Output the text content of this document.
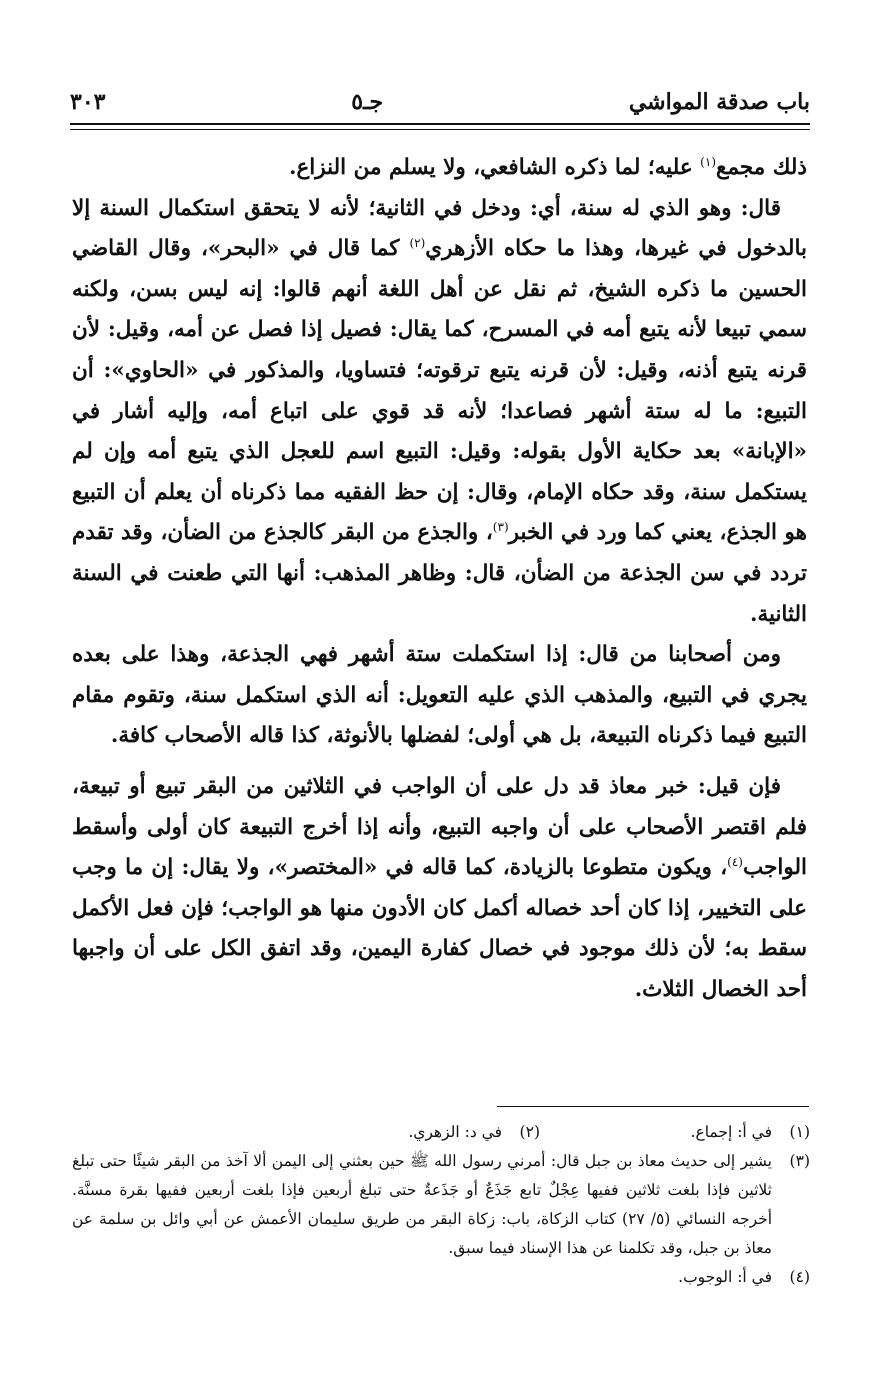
باب صدقة المواشي
جـ٥
٣٠٣

ذلك مجمع$^{(١)}$ عليه؛ لما ذكره الشافعي، ولا يسلم من النزاع.

قال: وهو الذي له سنة، أي: ودخل في الثانية؛ لأنه لا يتحقق استكمال السنة إلا بالدخول في غيرها، وهذا ما حكاه الأزهري$^{(٢)}$ كما قال في «البحر»، وقال القاضي الحسين ما ذكره الشيخ، ثم نقل عن أهل اللغة أنهم قالوا: إنه ليس بسن، ولكنه سمي تبيعا لأنه يتبع أمه في المسرح، كما يقال: فصيل إذا فصل عن أمه، وقيل: لأن قرنه يتبع أذنه، وقيل: لأن قرنه يتبع ترقوته؛ فتساويا، والمذكور في «الحاوي»: أن التبيع: ما له ستة أشهر فصاعدا؛ لأنه قد قوي على اتباع أمه، وإليه أشار في «الإبانة» بعد حكاية الأول بقوله: وقيل: التبيع اسم للعجل الذي يتبع أمه وإن لم يستكمل سنة، وقد حكاه الإمام، وقال: إن حظ الفقيه مما ذكرناه أن يعلم أن التبيع هو الجذع، يعني كما ورد في الخبر$^{(٣)}$، والجذع من البقر كالجذع من الضأن، وقد تقدم تردد في سن الجذعة من الضأن، قال: وظاهر المذهب: أنها التي طعنت في السنة الثانية.

ومن أصحابنا من قال: إذا استكملت ستة أشهر فهي الجذعة، وهذا على بعده يجري في التبيع، والمذهب الذي عليه التعويل: أنه الذي استكمل سنة، وتقوم مقام التبيع فيما ذكرناه التبيعة، بل هي أولى؛ لفضلها بالأنوثة، كذا قاله الأصحاب كافة.

فإن قيل: خبر معاذ قد دل على أن الواجب في الثلاثين من البقر تبيع أو تبيعة، فلم اقتصر الأصحاب على أن واجبه التبيع، وأنه إذا أخرج التبيعة كان أولى وأسقط الواجب$^{(٤)}$، ويكون متطوعا بالزيادة، كما قاله في «المختصر»، ولا يقال: إن ما وجب على التخيير، إذا كان أحد خصاله أكمل كان الأدون منها هو الواجب؛ فإن فعل الأكمل سقط به؛ لأن ذلك موجود في خصال كفارة اليمين، وقد اتفق الكل على أن واجبها أحد الخصال الثلاث.

(١)
في أ: إجماع.
(٢)
في د: الزهري.
(٣)
يشير إلى حديث معاذ بن جبل قال: أمرني رسول الله ﷺ حين بعثني إلى اليمن ألا آخذ من البقر شيئًا حتى تبلغ ثلاثين فإذا بلغت ثلاثين ففيها عِجْلٌ تابع جَذَعٌ أو جَذَعةٌ حتى تبلغ أربعين فإذا بلغت أربعين ففيها بقرة مسنَّة. أخرجه النسائي (٥/ ٢٧) كتاب الزكاة، باب: زكاة البقر من طريق سليمان الأعمش عن أبي وائل بن سلمة عن معاذ بن جبل، وقد تكلمنا عن هذا الإسناد فيما سبق.
(٤)
في أ: الوجوب.
